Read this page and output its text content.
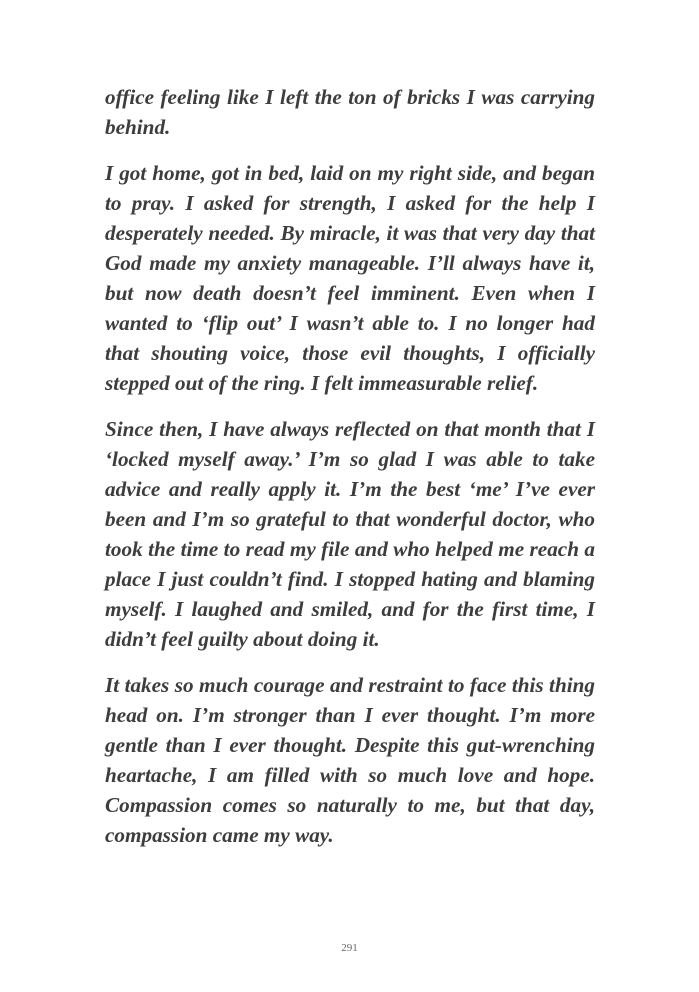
office feeling like I left the ton of bricks I was carrying behind.

I got home, got in bed, laid on my right side, and began to pray. I asked for strength, I asked for the help I desperately needed. By miracle, it was that very day that God made my anxiety manageable. I’ll always have it, but now death doesn’t feel imminent. Even when I wanted to ‘flip out’ I wasn’t able to. I no longer had that shouting voice, those evil thoughts, I officially stepped out of the ring. I felt immeasurable relief.

Since then, I have always reflected on that month that I ‘locked myself away.’ I’m so glad I was able to take advice and really apply it. I’m the best ‘me’ I’ve ever been and I’m so grateful to that wonderful doctor, who took the time to read my file and who helped me reach a place I just couldn’t find. I stopped hating and blaming myself. I laughed and smiled, and for the first time, I didn’t feel guilty about doing it.

It takes so much courage and restraint to face this thing head on. I’m stronger than I ever thought. I’m more gentle than I ever thought. Despite this gut-wrenching heartache, I am filled with so much love and hope. Compassion comes so naturally to me, but that day, compassion came my way.

291
